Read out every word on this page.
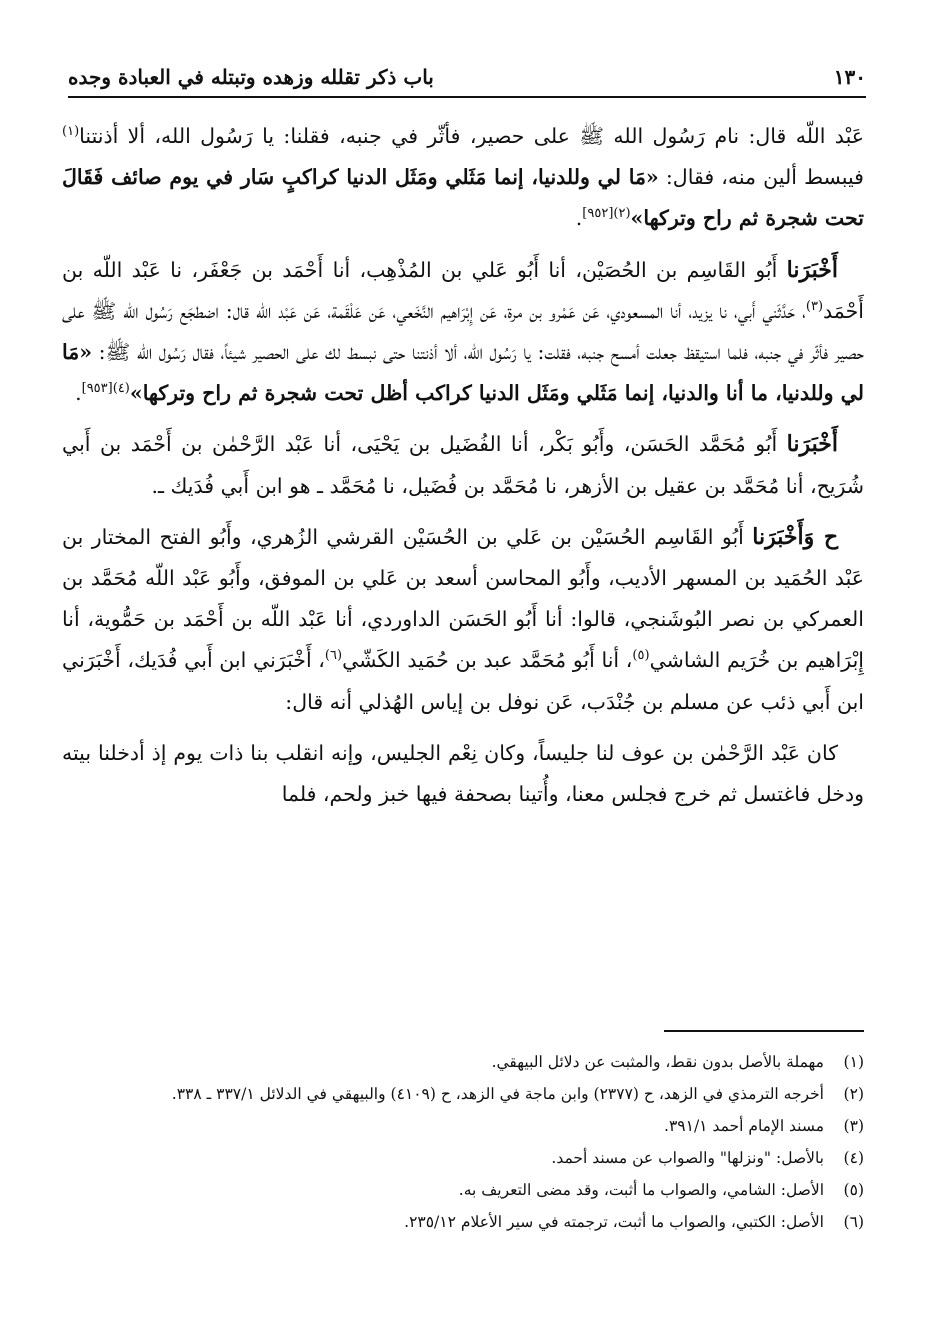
١٣٠
باب ذكر تقلله وزهده وتبتله في العبادة وجده

عَبْد اللّه قال: نام رَسُول الله ﷺ على حصير، فأثّر في جنبه، فقلنا: يا رَسُول الله، ألا أذنتنا$^{(١)}$ فيبسط ألين منه، فقال: «مَا لي وللدنيا، إنما مَثَلي ومَثَل الدنيا كراكبٍ سَار في يوم صائف فَقَالَ تحت شجرة ثم راح وتركها»$^{(٢)[٩٥٢]}$.

أَخْبَرَنا أَبُو القَاسِم بن الحُصَيْن، أنا أَبُو عَلي بن المُذْهِب، أنا أَحْمَد بن جَعْفَر، نا عَبْد اللّه بن أَحْمَد$^{(٣)}$، حَدَّثَني أَبي، نا يزيد، أنا المسعودي، عَن عَمْرو بن مرة، عَن إِبْرَاهيم النَّخَعي، عَن عَلْقَمة، عَن عَبْد اللّه قال: اضطجَع رَسُول الله ﷺ على حصير فأثّر في جنبه، فلما استيقظ جعلت أمسح جنبه، فقلت: يا رَسُول الله، ألا أذنتنا حتى نبسط لك على الحصير شيئاً، فقال رَسُول الله ﷺ: «مَا لي وللدنيا، ما أنا والدنيا، إنما مَثَلي ومَثَل الدنيا كراكب أظل تحت شجرة ثم راح وتركها»$^{(٤)[٩٥٣]}$.

أَخْبَرَنا أَبُو مُحَمَّد الحَسَن، وأَبُو بَكْر، أنا الفُضَيل بن يَحْيَى، أنا عَبْد الرَّحْمٰن بن أَحْمَد بن أَبي شُرَيح، أنا مُحَمَّد بن عقيل بن الأزهر، نا مُحَمَّد بن فُضَيل، نا مُحَمَّد ـ هو ابن أَبي فُدَيك ـ.

ح وَأَخْبَرَنا أَبُو القَاسِم الحُسَيْن بن عَلي بن الحُسَيْن القرشي الزُهري، وأَبُو الفتح المختار بن عَبْد الحُمَيد بن المسهر الأديب، وأَبُو المحاسن أسعد بن عَلي بن الموفق، وأَبُو عَبْد اللّه مُحَمَّد بن العمركي بن نصر البُوشَنجي، قالوا: أنا أَبُو الحَسَن الداوردي، أنا عَبْد اللّه بن أَحْمَد بن حَمُّوية، أنا إِبْرَاهيم بن خُرَيم الشاشي$^{(٥)}$، أنا أَبُو مُحَمَّد عبد بن حُمَيد الكَشّي$^{(٦)}$، أَخْبَرَني ابن أَبي فُدَيك، أَخْبَرَني ابن أَبي ذئب عن مسلم بن جُنْدَب، عَن نوفل بن إياس الهُذلي أنه قال:

كان عَبْد الرَّحْمٰن بن عوف لنا جليساً، وكان نِعْم الجليس، وإنه انقلب بنا ذات يوم إذ أدخلنا بيته ودخل فاغتسل ثم خرج فجلس معنا، وأُتينا بصحفة فيها خبز ولحم، فلما

(١)
مهملة بالأصل بدون نقط، والمثبت عن دلائل البيهقي.
(٢)
أخرجه الترمذي في الزهد، ح (٢٣٧٧) وابن ماجة في الزهد، ح (٤١٠٩) والبيهقي في الدلائل ٣٣٧/١ ـ ٣٣٨.
(٣)
مسند الإمام أحمد ٣٩١/١.
(٤)
بالأصل: "ونزلها" والصواب عن مسند أحمد.
(٥)
الأصل: الشامي، والصواب ما أثبت، وقد مضى التعريف به.
(٦)
الأصل: الكتبي، والصواب ما أثبت، ترجمته في سير الأعلام ٢٣٥/١٢.
